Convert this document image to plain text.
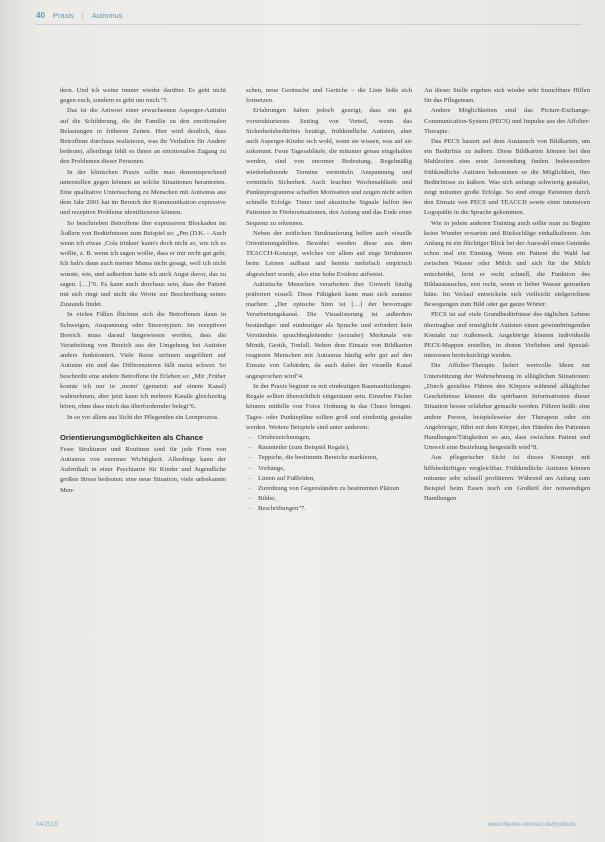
40 Praxis | Autismus

dern. Und ich weine immer wieder darüber. Es geht nicht gegen euch, sondern es geht um mich."5

Das ist die Antwort einer erwachsenen Asperger-Autistin auf die Schilderung, die ihr Familie zu den emotionalen Belastungen in früheren Zeiten. Hier wird deutlich, dass Betroffene durchaus realisieren, was ihr Verhalten für Andere bedeutet, allerdings fehlt es ihnen an emotionalen Zugang zu den Problemen dieser Personen.

In der klinischen Praxis sollte man dementsprechend unterstellen gegen können an solche Situationen herantreten. Eine qualitative Untersuchung zu Menschen mit Autismus aus dem Jahr 2001 hat im Bereich der Kommunikation expressive und rezeptive Probleme identifizieren können.

So beschrieben Betroffene ihre expressiven Blockaden im Äußern von Bedürfnissen zum Beispiel so: „Pm (D.K. – Auch wenn ich etwas ‚Cola trinken' kann's doch nicht so, wie ich es wollte, z. B. wenn ich sagen wollte, dass er mir recht gut geht. Ich hab's dann auch meiner Mama nicht gesagt, weil ich nicht wusste, wie, und außerdem hatte ich auch Angst davor, das zu sagen. […]"6. Es kann auch durchaus sein, dass der Patient mit sich ringt und nicht die Worte zur Beschreibung seines Zustands findet.

In vielen Fällen flüchten sich die Betroffenen dann in Schweigen, Anspannung oder Stereotypien. Im rezeptiven Bereich muss darauf hingewiesen werden, dass die Verarbeitung von Bereich aus der Umgebung bei Autisten anders funktioniert. Viele Reize strömen ungefiltert auf Autisten ein und das Differenzieren fällt meist schwer. So beschreibt eine andere Betroffene ihr Erleben so: „Mir ‚Früher konnte ich nur in ‚mono' (gemeint: auf einem Kanal) wahrnehmen, aber jetzt kann ich mehrere Kanäle gleichzeitig hören, ohne dass mich das überfordernder belegt"6.

In so vor allem aus Sicht der Pflegenden ein Lernprozess.

Orientierungsmöglichkeiten als Chance

Feste Strukturen und Routinen sind für jede Form von Autismus von enormer Wichtigkeit. Allerdings kann der Aufenthalt in einer Psychiatrie für Kinder und Jugendliche großen Stress bedeuten: eine neue Situation, viele unbekannte Men-

schen, neue Geräusche und Gerüche – die Liste ließe sich fortsetzen.

Erfahrungen haben jedoch gezeigt, dass ein gut vorstrukturiertes Setting von Vorteil, wenn das Sicherheitsbedürfnis betätigt, frühkindliche Autisten, aber auch Asperger-Kinder sich wohl, wenn sie wissen, was auf sie zukommt. Feste Tagesabläufe, die mitunter genau eingehalten werden, sind von enormer Bedeutung. Regelmäßig wiederkehrende Termine vermitteln Anspannung und vermitteln Sicherheit. Auch leuchtet Wochenabläufe und Punkteprogramme schaffen Motivation und zeigen nicht selten schnelle Erfolge. Timer und akustische Signale helfen den Patienten in Fördersituationen, den Anfang und das Ende einer Sequenz zu erkennen.

Neben der zeitlichen Strukturierung helfen auch visuelle Orientierungshilfen. Bewährt werden diese aus dem TEACCH-Konzept, welches vor allem auf enge Strukturen beim Lernen aufbaut und bereits mehrfach empirisch abgesichert wurde, also eine hohe Evidenz aufweist.

Autistische Menschen verarbeiten ihre Umwelt häufig präferiert visuell. Diese Fähigkeit kann man sich zunutze machen: „Der optische Sinn ist […] der bevorzugte Verarbeitungskanal. Die Visualisierung ist außerdem beständiger und eindeutiger als Sprache und erfordert kein Verständnis sprachbegleitender (sozialer) Merkmale wie Mimik, Gestik, Tonfall. Neben dem Einsatz von Bildkarten reagieren Menschen mit Autismus häufig sehr gut auf den Einsatz von Gebärden, da auch dabei der visuelle Kanal angesprochen wird"4.

In der Praxis beginnt es mit eindeutigen Raumaufteilungen. Regale sollten übersichtlich eingeräumt sein. Einzelne Fächer können mithilfe von Fotos Ordnung in das Chaos bringen. Tages- oder Punktepläne sollten groß und eindeutig gestaltet werden. Weitere Beispiele sind unter anderem:

– Ortsbezeichnungen,
– Raumteiler (zum Beispiel Regale),
– Teppiche, die bestimmte Bereiche markieren,
– Vorhänge,
– Linien auf Fußböden,
– Zuordnung von Gegenständen zu bestimmten Plätzen
– Bilder,
– Beschriftungen"7.

An dieser Stelle ergeben sich wieder sehr brauchbare Hilfen für das Pflegeteam.

Andere Möglichkeiten sind das Picture-Exchange-Communication-System (PECS) und Impulse aus der Affolter-Therapie.

Das PECS basiert auf dem Austausch von Bildkarten, um ein Bedürfnis zu äußern. Diese Bildkarten können bei den Mahlzeiten eine erste Anwendung finden. Insbesondere frühkindliche Autisten bekommen so die Möglichkeit, ihre Bedürfnisse zu äußern. Was sich anfangs schwierig gestaltet, zeigt mitunter große Erfolge. So sind einige Patienten durch den Einsatz von PECS und TEACCH sowie einer intensiven Logopädie in die Sprache gekommen.

Wie in jedem anderen Training auch sollte man zu Beginn keine Wunder erwarten und Rückschläge einkalkulieren. Am Anfang ist ein flüchtiger Blick bei der Auswahl eines Getränks schon mal ein Einstieg. Wenn ein Patient die Wahl hat zwischen Wasser oder Milch und sich für die Milch entscheidet, lernt er recht schnell, die Funktion des Bildaustausches, erst recht, wenn er lieber Wasser getrunken hätte. Im Verlauf entwickeln sich vielleicht zielgerichtete Bewegungen zum Bild oder gar ganze Wörter.

PECS ist auf viele Grundbedürfnisse des täglichen Lebens übertragbar und ermöglicht Autisten einen gewinnbringenden Kontakt zur Außenwelt. Angehörige können individuelle PECS-Mappen erstellen, in denen Vorlieben und Spezial-interessen berücksichtigt werden.

Die Affolter-Therapie liefert wertvolle Ideen zur Unterstützung der Wahrnehmung in alltäglichen Situationen: „Durch gezieltes Führen des Körpers während alltäglicher Geschehnisse können die spürbaren Informationen dieser Situation besser erfahrbar gemacht werden. Führen heißt: eine andere Person, beispielsweise der Therapeut oder ein Angehöriger, führt mit dem Körper, den Händen des Patienten Handlungen/Tätigkeiten so aus, dass zwischen Patient und Umwelt eine Beziehung hergestellt wird"8.

Aus pflegerischer Sicht ist dieses Konzept mit hilfsbedürftigen vergleichbar. Frühkindliche Autisten können mitunter sehr schnell profitieren. Während am Anfang zum Beispiel beim Essen noch ein Großteil der notwendigen Handlungen

04/2015	www.thieme-connect.de/products
